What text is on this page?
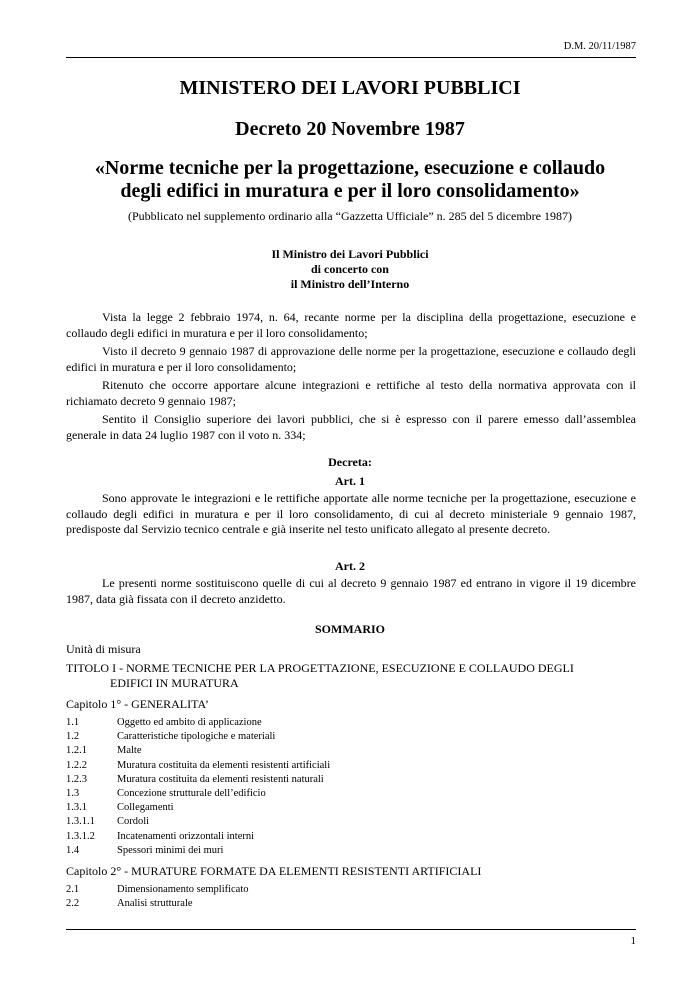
D.M. 20/11/1987
MINISTERO DEI LAVORI PUBBLICI
Decreto 20 Novembre 1987
«Norme tecniche per la progettazione, esecuzione e collaudo
degli edifici in muratura e per il loro consolidamento»
(Pubblicato nel supplemento ordinario alla “Gazzetta Ufficiale” n. 285 del 5 dicembre 1987)
Il Ministro dei Lavori Pubblici
di concerto con
il Ministro dell’Interno

Vista la legge 2 febbraio 1974, n. 64, recante norme per la disciplina della progettazione, esecuzione e collaudo degli edifici in muratura e per il loro consolidamento;

Visto il decreto 9 gennaio 1987 di approvazione delle norme per la progettazione, esecuzione e collaudo degli edifici in muratura e per il loro consolidamento;

Ritenuto che occorre apportare alcune integrazioni e rettifiche al testo della normativa approvata con il richiamato decreto 9 gennaio 1987;

Sentito il Consiglio superiore dei lavori pubblici, che si è espresso con il parere emesso dall’assemblea generale in data 24 luglio 1987 con il voto n. 334;

Decreta:
Art. 1

Sono approvate le integrazioni e le rettifiche apportate alle norme tecniche per la progettazione, esecuzione e collaudo degli edifici in muratura e per il loro consolidamento, di cui al decreto ministeriale 9 gennaio 1987, predisposte dal Servizio tecnico centrale e già inserite nel testo unificato allegato al presente decreto.

Art. 2

Le presenti norme sostituiscono quelle di cui al decreto 9 gennaio 1987 ed entrano in vigore il 19 dicembre 1987, data già fissata con il decreto anzidetto.

SOMMARIO
Unità di misura
TITOLO I - NORME TECNICHE PER LA PROGETTAZIONE, ESECUZIONE E COLLAUDO DEGLI
EDIFICI IN MURATURA
Capitolo 1° - GENERALITA’
1.1	Oggetto ed ambito di applicazione
1.2	Caratteristiche tipologiche e materiali
1.2.1	Malte
1.2.2	Muratura costituita da elementi resistenti artificiali
1.2.3	Muratura costituita da elementi resistenti naturali
1.3	Concezione strutturale dell’edificio
1.3.1	Collegamenti
1.3.1.1	Cordoli
1.3.1.2	Incatenamenti orizzontali interni
1.4	Spessori minimi dei muri
Capitolo 2° - MURATURE FORMATE DA ELEMENTI RESISTENTI ARTIFICIALI
2.1	Dimensionamento semplificato
2.2	Analisi strutturale
1
